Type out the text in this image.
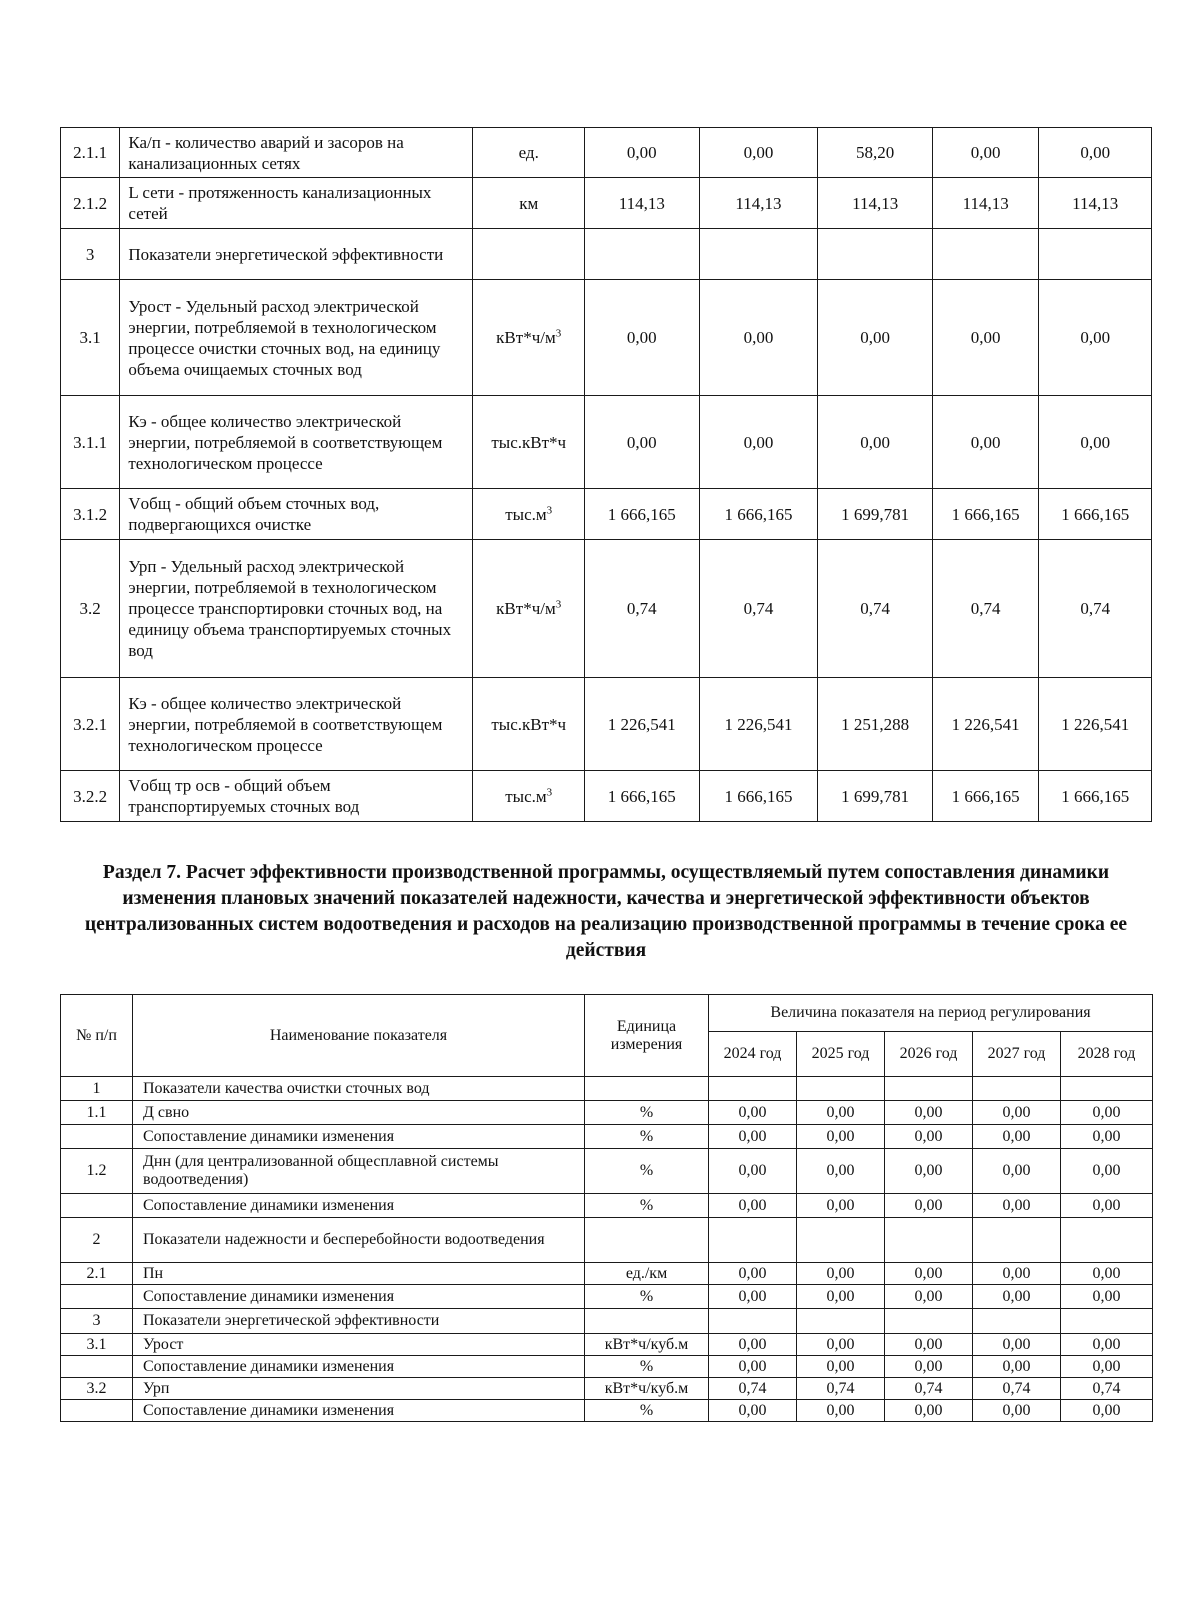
2.1.1	Ка/п - количество аварий и засоров на канализационных сетях	ед.	0,00	0,00	58,20	0,00	0,00
2.1.2	L сети - протяженность канализационных сетей	км	114,13	114,13	114,13	114,13	114,13
3	Показатели энергетической эффективности						
3.1	Урост - Удельный расход электрической энергии, потребляемой в технологическом процессе очистки сточных вод, на единицу объема очищаемых сточных вод	$кВт*ч/м^3$	0,00	0,00	0,00	0,00	0,00
3.1.1	Кэ - общее количество электрической энергии, потребляемой в соответствующем технологическом процессе	тыс.кВт*ч	0,00	0,00	0,00	0,00	0,00
3.1.2	Vобщ - общий объем сточных вод, подвергающихся очистке	$тыс.м^3$	1 666,165	1 666,165	1 699,781	1 666,165	1 666,165
3.2	Урп - Удельный расход электрической энергии, потребляемой в технологическом процессе транспортировки сточных вод, на единицу объема транспортируемых сточных вод	$кВт*ч/м^3$	0,74	0,74	0,74	0,74	0,74
3.2.1	Кэ - общее количество электрической энергии, потребляемой в соответствующем технологическом процессе	тыс.кВт*ч	1 226,541	1 226,541	1 251,288	1 226,541	1 226,541
3.2.2	Vобщ тр осв - общий объем транспортируемых сточных вод	$тыс.м^3$	1 666,165	1 666,165	1 699,781	1 666,165	1 666,165
Раздел 7. Расчет эффективности производственной программы, осуществляемый путем сопоставления динамики изменения плановых значений показателей надежности, качества и энергетической эффективности объектов централизованных систем водоотведения и расходов на реализацию производственной программы в течение срока ее действия
№ п/п	Наименование показателя	Единица измерения	Величина показателя на период регулирования				
			2024 год	2025 год	2026 год	2027 год	2028 год
1	Показатели качества очистки сточных вод						
1.1	Д свно	%	0,00	0,00	0,00	0,00	0,00
	Сопоставление динамики изменения	%	0,00	0,00	0,00	0,00	0,00
1.2	Днн (для централизованной общесплавной системы водоотведения)	%	0,00	0,00	0,00	0,00	0,00
	Сопоставление динамики изменения	%	0,00	0,00	0,00	0,00	0,00
2	Показатели надежности и бесперебойности водоотведения						
2.1	Пн	ед./км	0,00	0,00	0,00	0,00	0,00
	Сопоставление динамики изменения	%	0,00	0,00	0,00	0,00	0,00
3	Показатели энергетической эффективности						
3.1	Урост	кВт*ч/куб.м	0,00	0,00	0,00	0,00	0,00
	Сопоставление динамики изменения	%	0,00	0,00	0,00	0,00	0,00
3.2	Урп	кВт*ч/куб.м	0,74	0,74	0,74	0,74	0,74
	Сопоставление динамики изменения	%	0,00	0,00	0,00	0,00	0,00
